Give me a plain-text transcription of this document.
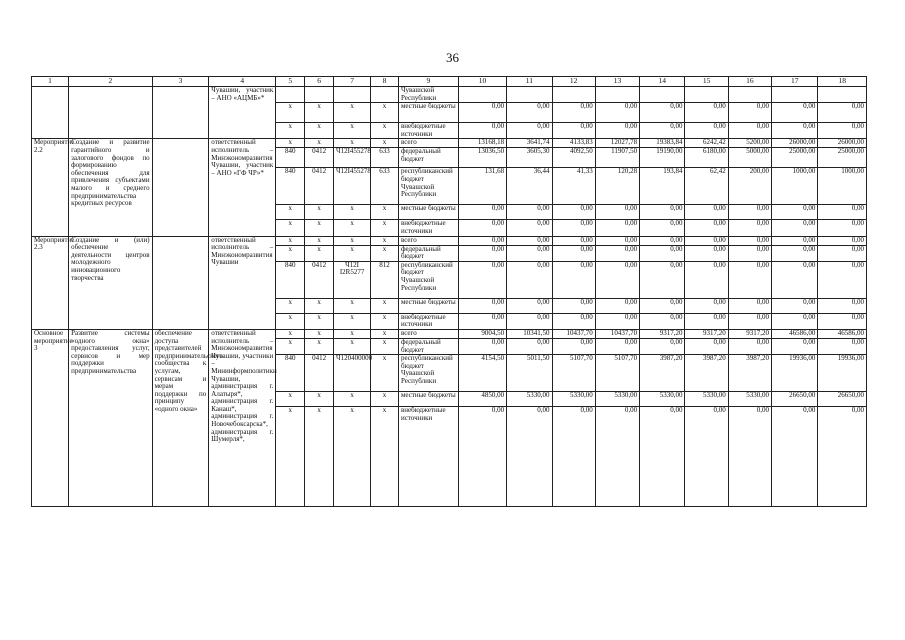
36
1	2	3	4	5	6	7	8	9	10	11	12	13	14	15	16	17	18
			Чувашии, участник – АНО «АЦМБ»*					Чувашской Республики									
				x	x	x	x	местные бюджеты	0,00	0,00	0,00	0,00	0,00	0,00	0,00	0,00	0,00
				x	x	x	x	внебюджетные источники	0,00	0,00	0,00	0,00	0,00	0,00	0,00	0,00	0,00
Мероприятие 2.2	Создание и развитие гарантийного и залогового фондов по формированию обеспечения для привлечения субъектами малого и среднего предпринимательства кредитных ресурсов		ответственный исполнитель – Минэкономразвития Чувашии, участник – АНО «ГФ ЧР»*	x	x	x	x	всего	13168,18	3641,74	4133,83	12027,78	19383,84	6242,42	5200,00	26000,00	26000,00
				840	0412	Ч12I455278	633	федеральный бюджет	13036,50	3605,30	4092,50	11907,50	19190,00	6180,00	5000,00	25000,00	25000,00
				840	0412	Ч12I455278	633	республиканский бюджет Чувашской Республики	131,68	36,44	41,33	120,28	193,84	62,42	200,00	1000,00	1000,00
				x	x	x	x	местные бюджеты	0,00	0,00	0,00	0,00	0,00	0,00	0,00	0,00	0,00
				x	x	x	x	внебюджетные источники	0,00	0,00	0,00	0,00	0,00	0,00	0,00	0,00	0,00
Мероприятие 2.3	Создание и (или) обеспечение деятельности центров молодежного инновационного творчества		ответственный исполнитель – Минэкономразвития Чувашии	x	x	x	x	всего	0,00	0,00	0,00	0,00	0,00	0,00	0,00	0,00	0,00
				x	x	x	x	федеральный бюджет	0,00	0,00	0,00	0,00	0,00	0,00	0,00	0,00	0,00
				840	0412	Ч12I I2R5277	812	республиканский бюджет Чувашской Республики	0,00	0,00	0,00	0,00	0,00	0,00	0,00	0,00	0,00
				x	x	x	x	местные бюджеты	0,00	0,00	0,00	0,00	0,00	0,00	0,00	0,00	0,00
				x	x	x	x	внебюджетные источники	0,00	0,00	0,00	0,00	0,00	0,00	0,00	0,00	0,00
Основное мероприятие 3	Развитие системы «одного окна» предоставления услуг, сервисов и мер поддержки предпринимательства	обеспечение доступа представителей предпринимательского сообщества к услугам, сервисам и мерам поддержки по принципу «одного окна»	ответственный исполнитель – Минэкономразвития Чувашии, участники – Мининформполитики Чувашии, администрация г. Алатыря*, администрация г. Канаш*, администрация г. Новочебоксарска*, администрация г. Шумерля*,	x	x	x	x	всего	9004,50	10341,50	10437,70	10437,70	9317,20	9317,20	9317,20	46586,00	46586,00
				x	x	x	x	федеральный бюджет	0,00	0,00	0,00	0,00	0,00	0,00	0,00	0,00	0,00
				840	0412	Ч120400000	x	республиканский бюджет Чувашской Республики	4154,50	5011,50	5107,70	5107,70	3987,20	3987,20	3987,20	19936,00	19936,00
				x	x	x	x	местные бюджеты	4850,00	5330,00	5330,00	5330,00	5330,00	5330,00	5330,00	26650,00	26650,00
				x	x	x	x	внебюджетные источники	0,00	0,00	0,00	0,00	0,00	0,00	0,00	0,00	0,00
